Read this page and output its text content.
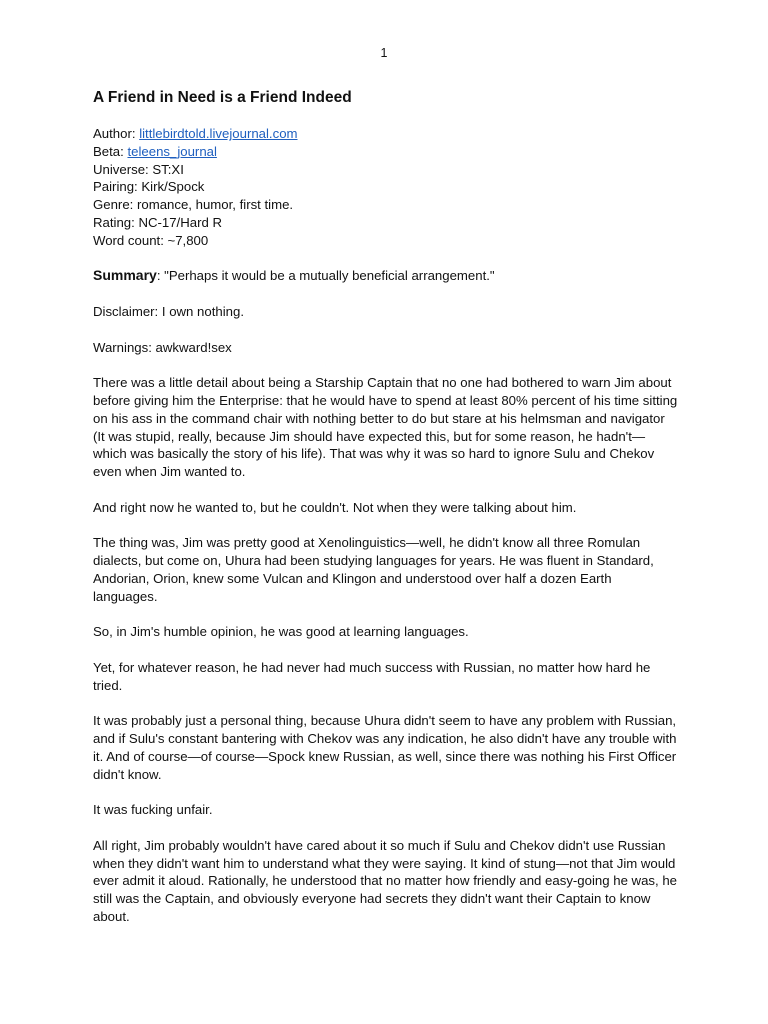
1
A Friend in Need is a Friend Indeed
Author: littlebirdtold.livejournal.com
Beta: teleens_journal
Universe: ST:XI
Pairing: Kirk/Spock
Genre: romance, humor, first time.
Rating: NC-17/Hard R
Word count: ~7,800
Summary: "Perhaps it would be a mutually beneficial arrangement."
Disclaimer: I own nothing.
Warnings: awkward!sex
There was a little detail about being a Starship Captain that no one had bothered to warn Jim about before giving him the Enterprise: that he would have to spend at least 80% percent of his time sitting on his ass in the command chair with nothing better to do but stare at his helmsman and navigator (It was stupid, really, because Jim should have expected this, but for some reason, he hadn't—which was basically the story of his life). That was why it was so hard to ignore Sulu and Chekov even when Jim wanted to.
And right now he wanted to, but he couldn't. Not when they were talking about him.
The thing was, Jim was pretty good at Xenolinguistics—well, he didn't know all three Romulan dialects, but come on, Uhura had been studying languages for years. He was fluent in Standard, Andorian, Orion, knew some Vulcan and Klingon and understood over half a dozen Earth languages.
So, in Jim's humble opinion, he was good at learning languages.
Yet, for whatever reason, he had never had much success with Russian, no matter how hard he tried.
It was probably just a personal thing, because Uhura didn't seem to have any problem with Russian, and if Sulu's constant bantering with Chekov was any indication, he also didn't have any trouble with it. And of course—of course—Spock knew Russian, as well, since there was nothing his First Officer didn't know.
It was fucking unfair.
All right, Jim probably wouldn't have cared about it so much if Sulu and Chekov didn't use Russian when they didn't want him to understand what they were saying. It kind of stung—not that Jim would ever admit it aloud. Rationally, he understood that no matter how friendly and easy-going he was, he still was the Captain, and obviously everyone had secrets they didn't want their Captain to know about.
